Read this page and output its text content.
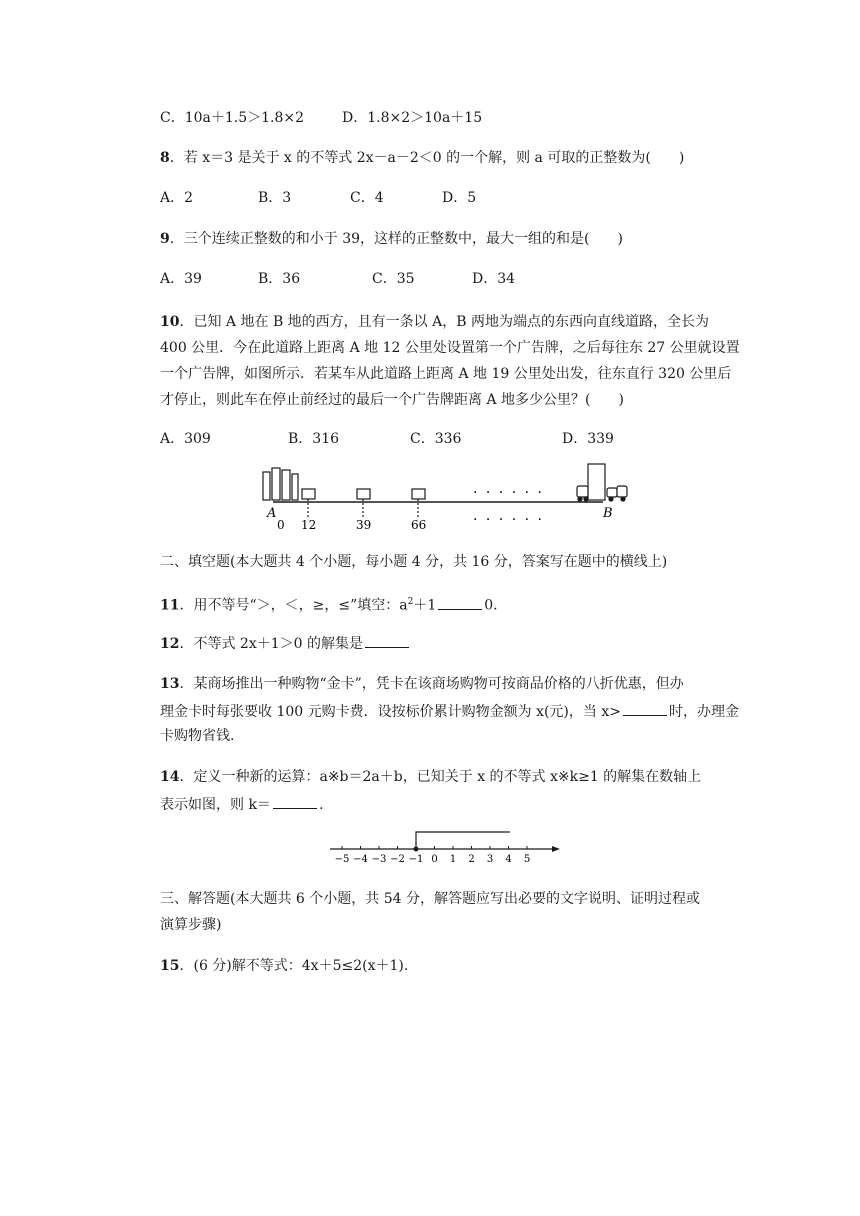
C．10a＋1.5＞1.8×2	D．1.8×2＞10a＋15
8．若 x＝3 是关于 x 的不等式 2x－a－2＜0 的一个解，则 a 可取的正整数为(　　)
A．2	B．3	C．4	D．5
9．三个连续正整数的和小于 39，这样的正整数中，最大一组的和是(　　)
A．39	B．36	C．35	D．34
10．已知 A 地在 B 地的西方，且有一条以 A，B 两地为端点的东西向直线道路，全长为
400 公里．今在此道路上距离 A 地 12 公里处设置第一个广告牌，之后每往东 27 公里就设置
一个广告牌，如图所示．若某车从此道路上距离 A 地 19 公里处出发，往东直行 320 公里后
才停止，则此车在停止前经过的最后一个广告牌距离 A 地多少公里？(　　)
A．309	B．316	C．336	D．339
· · · · · ·
· · · · · ·
A	B
0 12	39	66
二、填空题(本大题共 4 个小题，每小题 4 分，共 16 分，答案写在题中的横线上)
11．用不等号“＞，＜，≥，≤”填空：$a^2+1$	0.
12．不等式 2x＋1＞0 的解集是
13．某商场推出一种购物“金卡”，凭卡在该商场购物可按商品价格的八折优惠，但办
理金卡时每张要收 100 元购卡费．设按标价累计购物金额为 x(元)，当 x>	时，办理金
卡购物省钱.
14．定义一种新的运算：a※b＝2a＋b，已知关于 x 的不等式 x※k≥1 的解集在数轴上
表示如图，则 k＝	.
−5 −4 −3 −2 −1 0 1 2 3 4 5
三、解答题(本大题共 6 个小题，共 54 分，解答题应写出必要的文字说明、证明过程或
演算步骤)
15．(6 分)解不等式：4x＋5≤2(x＋1).
